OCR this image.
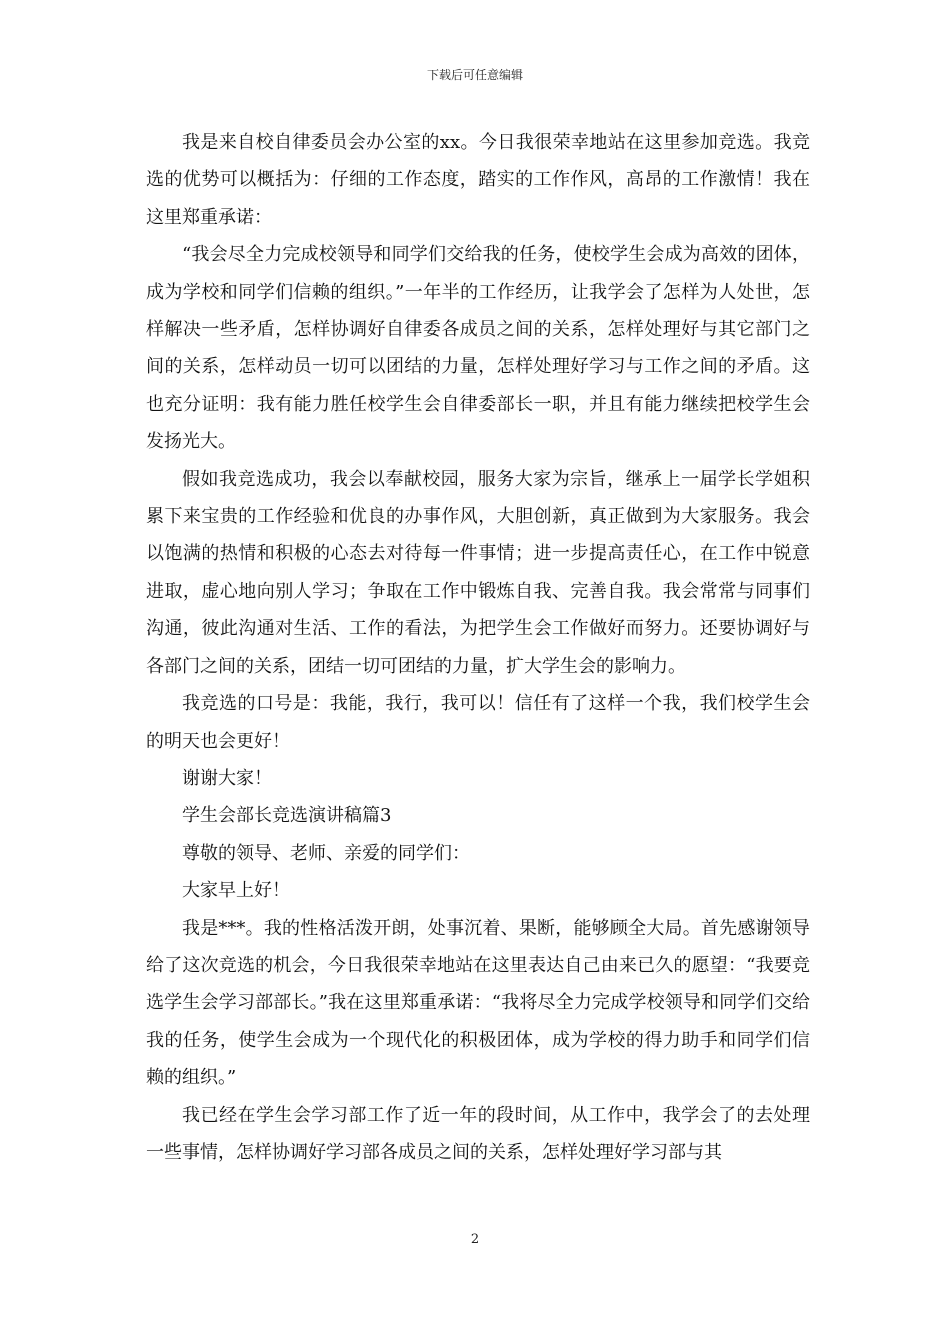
下载后可任意编辑

我是来自校自律委员会办公室的xx。今日我很荣幸地站在这里参加竞选。我竞选的优势可以概括为：仔细的工作态度，踏实的工作作风，高昂的工作激情！我在这里郑重承诺：

“我会尽全力完成校领导和同学们交给我的任务，使校学生会成为高效的团体，成为学校和同学们信赖的组织。”一年半的工作经历，让我学会了怎样为人处世，怎样解决一些矛盾，怎样协调好自律委各成员之间的关系，怎样处理好与其它部门之间的关系，怎样动员一切可以团结的力量，怎样处理好学习与工作之间的矛盾。这也充分证明：我有能力胜任校学生会自律委部长一职，并且有能力继续把校学生会发扬光大。

假如我竞选成功，我会以奉献校园，服务大家为宗旨，继承上一届学长学姐积累下来宝贵的工作经验和优良的办事作风，大胆创新，真正做到为大家服务。我会以饱满的热情和积极的心态去对待每一件事情；进一步提高责任心，在工作中锐意进取，虚心地向别人学习；争取在工作中锻炼自我、完善自我。我会常常与同事们沟通，彼此沟通对生活、工作的看法，为把学生会工作做好而努力。还要协调好与各部门之间的关系，团结一切可团结的力量，扩大学生会的影响力。

我竞选的口号是：我能，我行，我可以！信任有了这样一个我，我们校学生会的明天也会更好！

谢谢大家！

学生会部长竞选演讲稿篇3

尊敬的领导、老师、亲爱的同学们：

大家早上好！

我是***。我的性格活泼开朗，处事沉着、果断，能够顾全大局。首先感谢领导给了这次竞选的机会，今日我很荣幸地站在这里表达自己由来已久的愿望：“我要竞选学生会学习部部长。”我在这里郑重承诺：“我将尽全力完成学校领导和同学们交给我的任务，使学生会成为一个现代化的积极团体，成为学校的得力助手和同学们信赖的组织。”

我已经在学生会学习部工作了近一年的段时间，从工作中，我学会了的去处理一些事情，怎样协调好学习部各成员之间的关系，怎样处理好学习部与其

2
